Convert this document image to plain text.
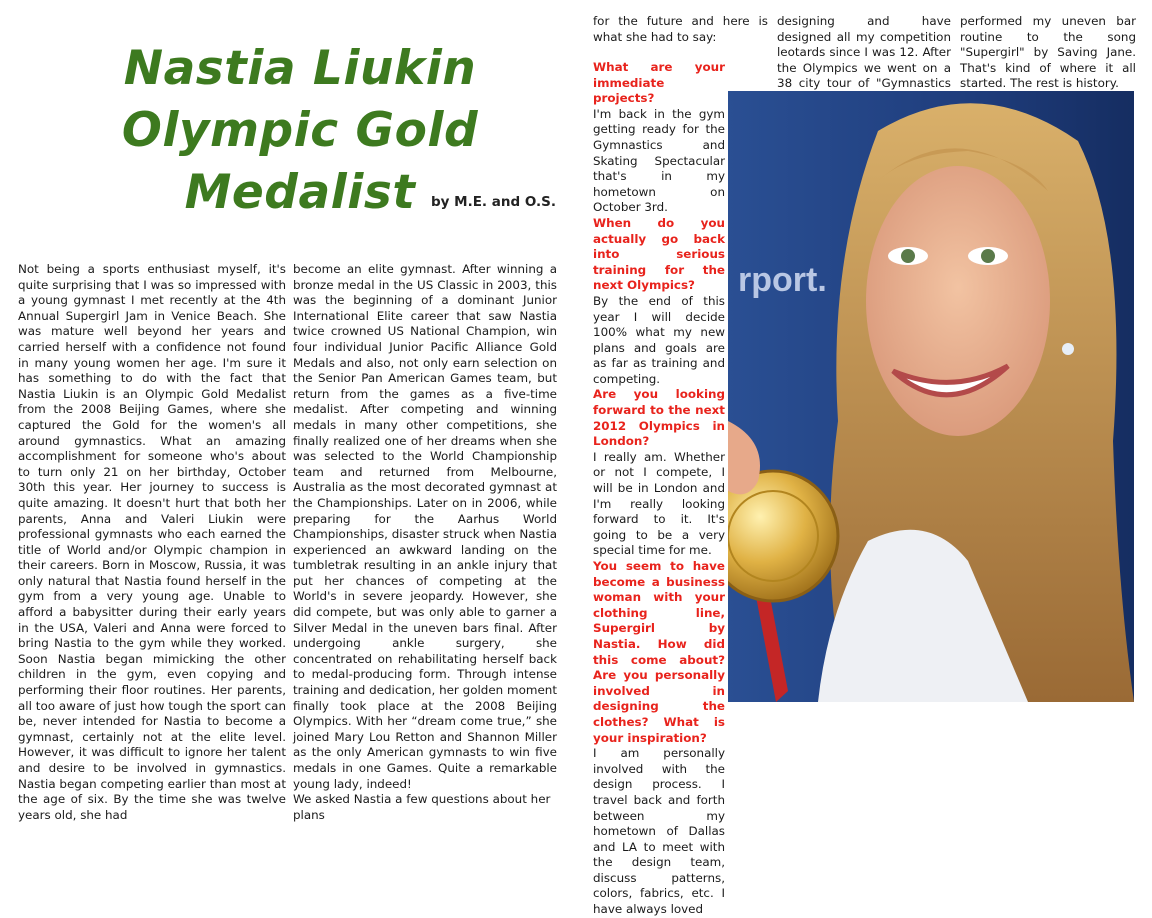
Nastia Liukin
Olympic Gold Medalist	by M.E. and O.S.

Not being a sports enthusiast myself, it's quite surprising that I was so impressed with a young gymnast I met recently at the 4th Annual Supergirl Jam in Venice Beach. She was mature well beyond her years and carried herself with a confidence not found in many young women her age. I'm sure it has something to do with the fact that Nastia Liukin is an Olympic Gold Medalist from the 2008 Beijing Games, where she captured the Gold for the women's all around gymnastics. What an amazing accomplishment for someone who's about to turn only 21 on her birthday, October 30th this year. Her journey to success is quite amazing. It doesn't hurt that both her parents, Anna and Valeri Liukin were professional gymnasts who each earned the title of World and/or Olympic champion in their careers. Born in Moscow, Russia, it was only natural that Nastia found herself in the gym from a very young age. Unable to afford a babysitter during their early years in the USA, Valeri and Anna were forced to bring Nastia to the gym while they worked. Soon Nastia began mimicking the other children in the gym, even copying and performing their floor routines. Her parents, all too aware of just how tough the sport can be, never intended for Nastia to become a gymnast, certainly not at the elite level. However, it was difficult to ignore her talent and desire to be involved in gymnastics. Nastia began competing earlier than most at the age of six. By the time she was twelve years old, she had

become an elite gymnast. After winning a bronze medal in the US Classic in 2003, this was the beginning of a dominant Junior International Elite career that saw Nastia twice crowned US National Champion, win four individual Junior Pacific Alliance Gold Medals and also, not only earn selection on the Senior Pan American Games team, but return from the games as a five-time medalist. After competing and winning medals in many other competitions, she finally realized one of her dreams when she was selected to the World Championship team and returned from Melbourne, Australia as the most decorated gymnast at the Championships. Later on in 2006, while preparing for the Aarhus World Championships, disaster struck when Nastia experienced an awkward landing on the tumbletrak resulting in an ankle injury that put her chances of competing at the World's in severe jeopardy. However, she did compete, but was only able to garner a Silver Medal in the uneven bars final. After undergoing ankle surgery, she concentrated on rehabilitating herself back to medal-producing form. Through intense training and dedication, her golden moment finally took place at the 2008 Beijing Olympics. With her “dream come true,” she joined Mary Lou Retton and Shannon Miller as the only American gymnasts to win five medals in one Games. Quite a remarkable young lady, indeed!

We asked Nastia a few questions about her plans

for the future and here is what she had to say:

What are your immediate projects?

I'm back in the gym getting ready for the Gymnastics and Skating Spectacular that's in my hometown on October 3rd.

When do you actually go back into serious training for the next Olympics?

By the end of this year I will decide 100% what my new plans and goals are as far as training and competing.

Are you looking forward to the next 2012 Olympics in London?

I really am. Whether or not I compete, I will be in London and I'm really looking forward to it. It's going to be a very special time for me.

You seem to have become a business woman with your clothing line, Supergirl by Nastia. How did this come about? Are you personally involved in designing the clothes? What is your inspiration?

I am personally involved with the design process. I travel back and forth between my hometown of Dallas and LA to meet with the design team, discuss patterns, colors, fabrics, etc. I have always loved

designing and have designed all my competition leotards since I was 12. After the Olympics we went on a 38 city tour of "Gymnastics

performed my uneven bar routine to the song "Supergirl" by Saving Jane. That's kind of where it all started. The rest is history.

rport.
